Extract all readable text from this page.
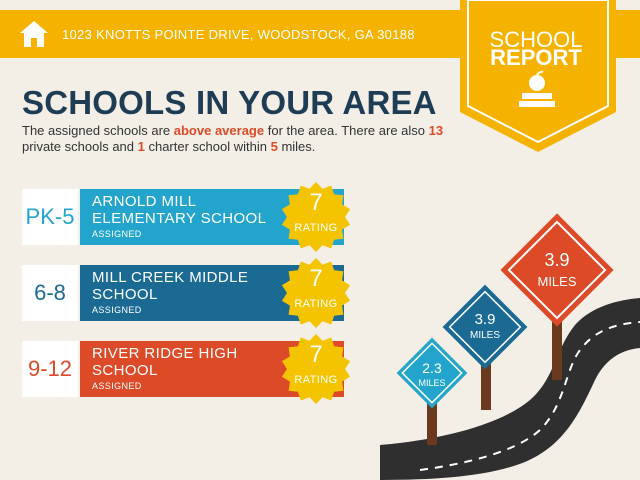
1023 KNOTTS POINTE DRIVE, WOODSTOCK, GA 30188	SCHOOL
REPORT
SCHOOLS IN YOUR AREA
The assigned schools are above average for the area. There are also 13 private schools and 1 charter school within 5 miles.
PK-5
ARNOLD MILL ELEMENTARY SCHOOL
ASSIGNED
7
RATING
6-8
MILL CREEK MIDDLE SCHOOL
ASSIGNED
7
RATING
9-12
RIVER RIDGE HIGH SCHOOL
ASSIGNED
7
RATING
2.3
MILES
3.9
MILES
3.9
MILES
